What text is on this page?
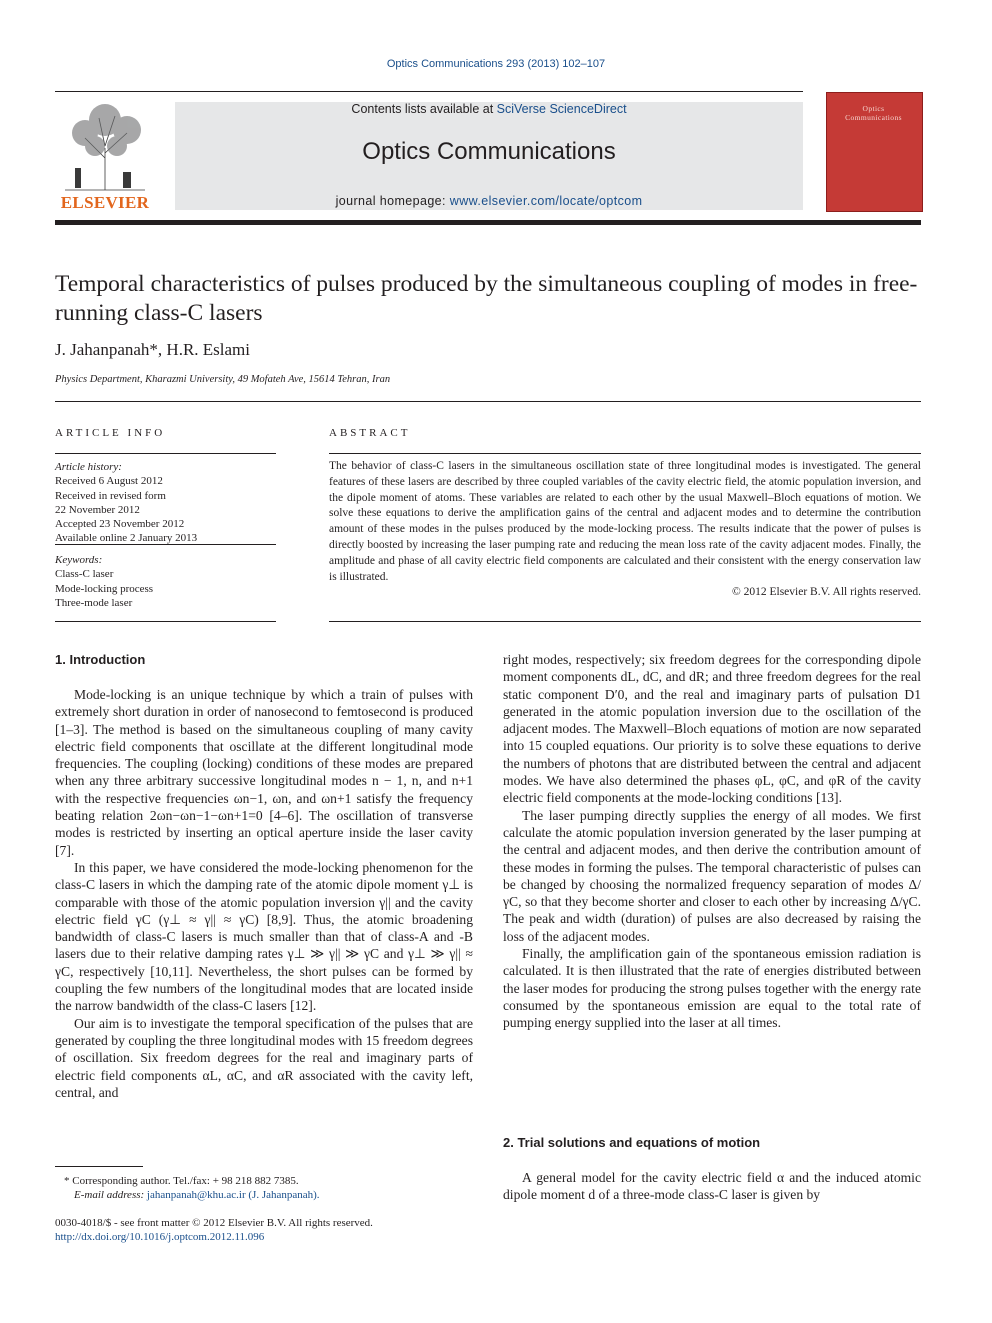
Optics Communications 293 (2013) 102–107
ELSEVIER
Contents lists available at SciVerse ScienceDirect
Optics Communications
journal homepage: www.elsevier.com/locate/optcom
Optics
Communications
Temporal characteristics of pulses produced by the simultaneous coupling of modes in free-running class-C lasers
J. Jahanpanah*, H.R. Eslami
Physics Department, Kharazmi University, 49 Mofateh Ave, 15614 Tehran, Iran
ARTICLE INFO
Article history:
Received 6 August 2012
Received in revised form
22 November 2012
Accepted 23 November 2012
Available online 2 January 2013
Keywords:
Class-C laser
Mode-locking process
Three-mode laser
ABSTRACT
The behavior of class-C lasers in the simultaneous oscillation state of three longitudinal modes is investigated. The general features of these lasers are described by three coupled variables of the cavity electric field, the atomic population inversion, and the dipole moment of atoms. These variables are related to each other by the usual Maxwell–Bloch equations of motion. We solve these equations to derive the amplification gains of the central and adjacent modes and to determine the contribution amount of these modes in the pulses produced by the mode-locking process. The results indicate that the power of pulses is directly boosted by increasing the laser pumping rate and reducing the mean loss rate of the cavity adjacent modes. Finally, the amplitude and phase of all cavity electric field components are calculated and their consistent with the energy conservation law is illustrated.
© 2012 Elsevier B.V. All rights reserved.
1. Introduction

Mode-locking is an unique technique by which a train of pulses with extremely short duration in order of nanosecond to femtosecond is produced [1–3]. The method is based on the simultaneous coupling of many cavity electric field components that oscillate at the different longitudinal mode frequencies. The coupling (locking) conditions of these modes are prepared when any three arbitrary successive longitudinal modes n − 1, n, and n+1 with the respective frequencies ωn−1, ωn, and ωn+1 satisfy the frequency beating relation 2ωn−ωn−1−ωn+1=0 [4–6]. The oscillation of transverse modes is restricted by inserting an optical aperture inside the laser cavity [7].

In this paper, we have considered the mode-locking phenomenon for the class-C lasers in which the damping rate of the atomic dipole moment γ⊥ is comparable with those of the atomic population inversion γ|| and the cavity electric field γC (γ⊥ ≈ γ|| ≈ γC) [8,9]. Thus, the atomic broadening bandwidth of class-C lasers is much smaller than that of class-A and -B lasers due to their relative damping rates γ⊥ ≫ γ|| ≫ γC and γ⊥ ≫ γ|| ≈ γC, respectively [10,11]. Nevertheless, the short pulses can be formed by coupling the few numbers of the longitudinal modes that are located inside the narrow bandwidth of the class-C lasers [12].

Our aim is to investigate the temporal specification of the pulses that are generated by coupling the three longitudinal modes with 15 freedom degrees of oscillation. Six freedom degrees for the real and imaginary parts of electric field components αL, αC, and αR associated with the cavity left, central, and

right modes, respectively; six freedom degrees for the corresponding dipole moment components dL, dC, and dR; and three freedom degrees for the real static component D′0, and the real and imaginary parts of pulsation D1 generated in the atomic population inversion due to the oscillation of the adjacent modes. The Maxwell–Bloch equations of motion are now separated into 15 coupled equations. Our priority is to solve these equations to derive the numbers of photons that are distributed between the central and adjacent modes. We have also determined the phases φL, φC, and φR of the cavity electric field components at the mode-locking conditions [13].

The laser pumping directly supplies the energy of all modes. We first calculate the atomic population inversion generated by the laser pumping at the central and adjacent modes, and then derive the contribution amount of these modes in forming the pulses. The temporal characteristic of pulses can be changed by choosing the normalized frequency separation of modes Δ/γC, so that they become shorter and closer to each other by increasing Δ/γC. The peak and width (duration) of pulses are also decreased by raising the loss of the adjacent modes.

Finally, the amplification gain of the spontaneous emission radiation is calculated. It is then illustrated that the rate of energies distributed between the laser modes for producing the strong pulses together with the energy rate consumed by the spontaneous emission are equal to the total rate of pumping energy supplied into the laser at all times.

2. Trial solutions and equations of motion

A general model for the cavity electric field α and the induced atomic dipole moment d of a three-mode class-C laser is given by

* Corresponding author. Tel./fax: + 98 218 882 7385.
E-mail address: jahanpanah@khu.ac.ir (J. Jahanpanah).
0030-4018/$ - see front matter © 2012 Elsevier B.V. All rights reserved.
http://dx.doi.org/10.1016/j.optcom.2012.11.096
